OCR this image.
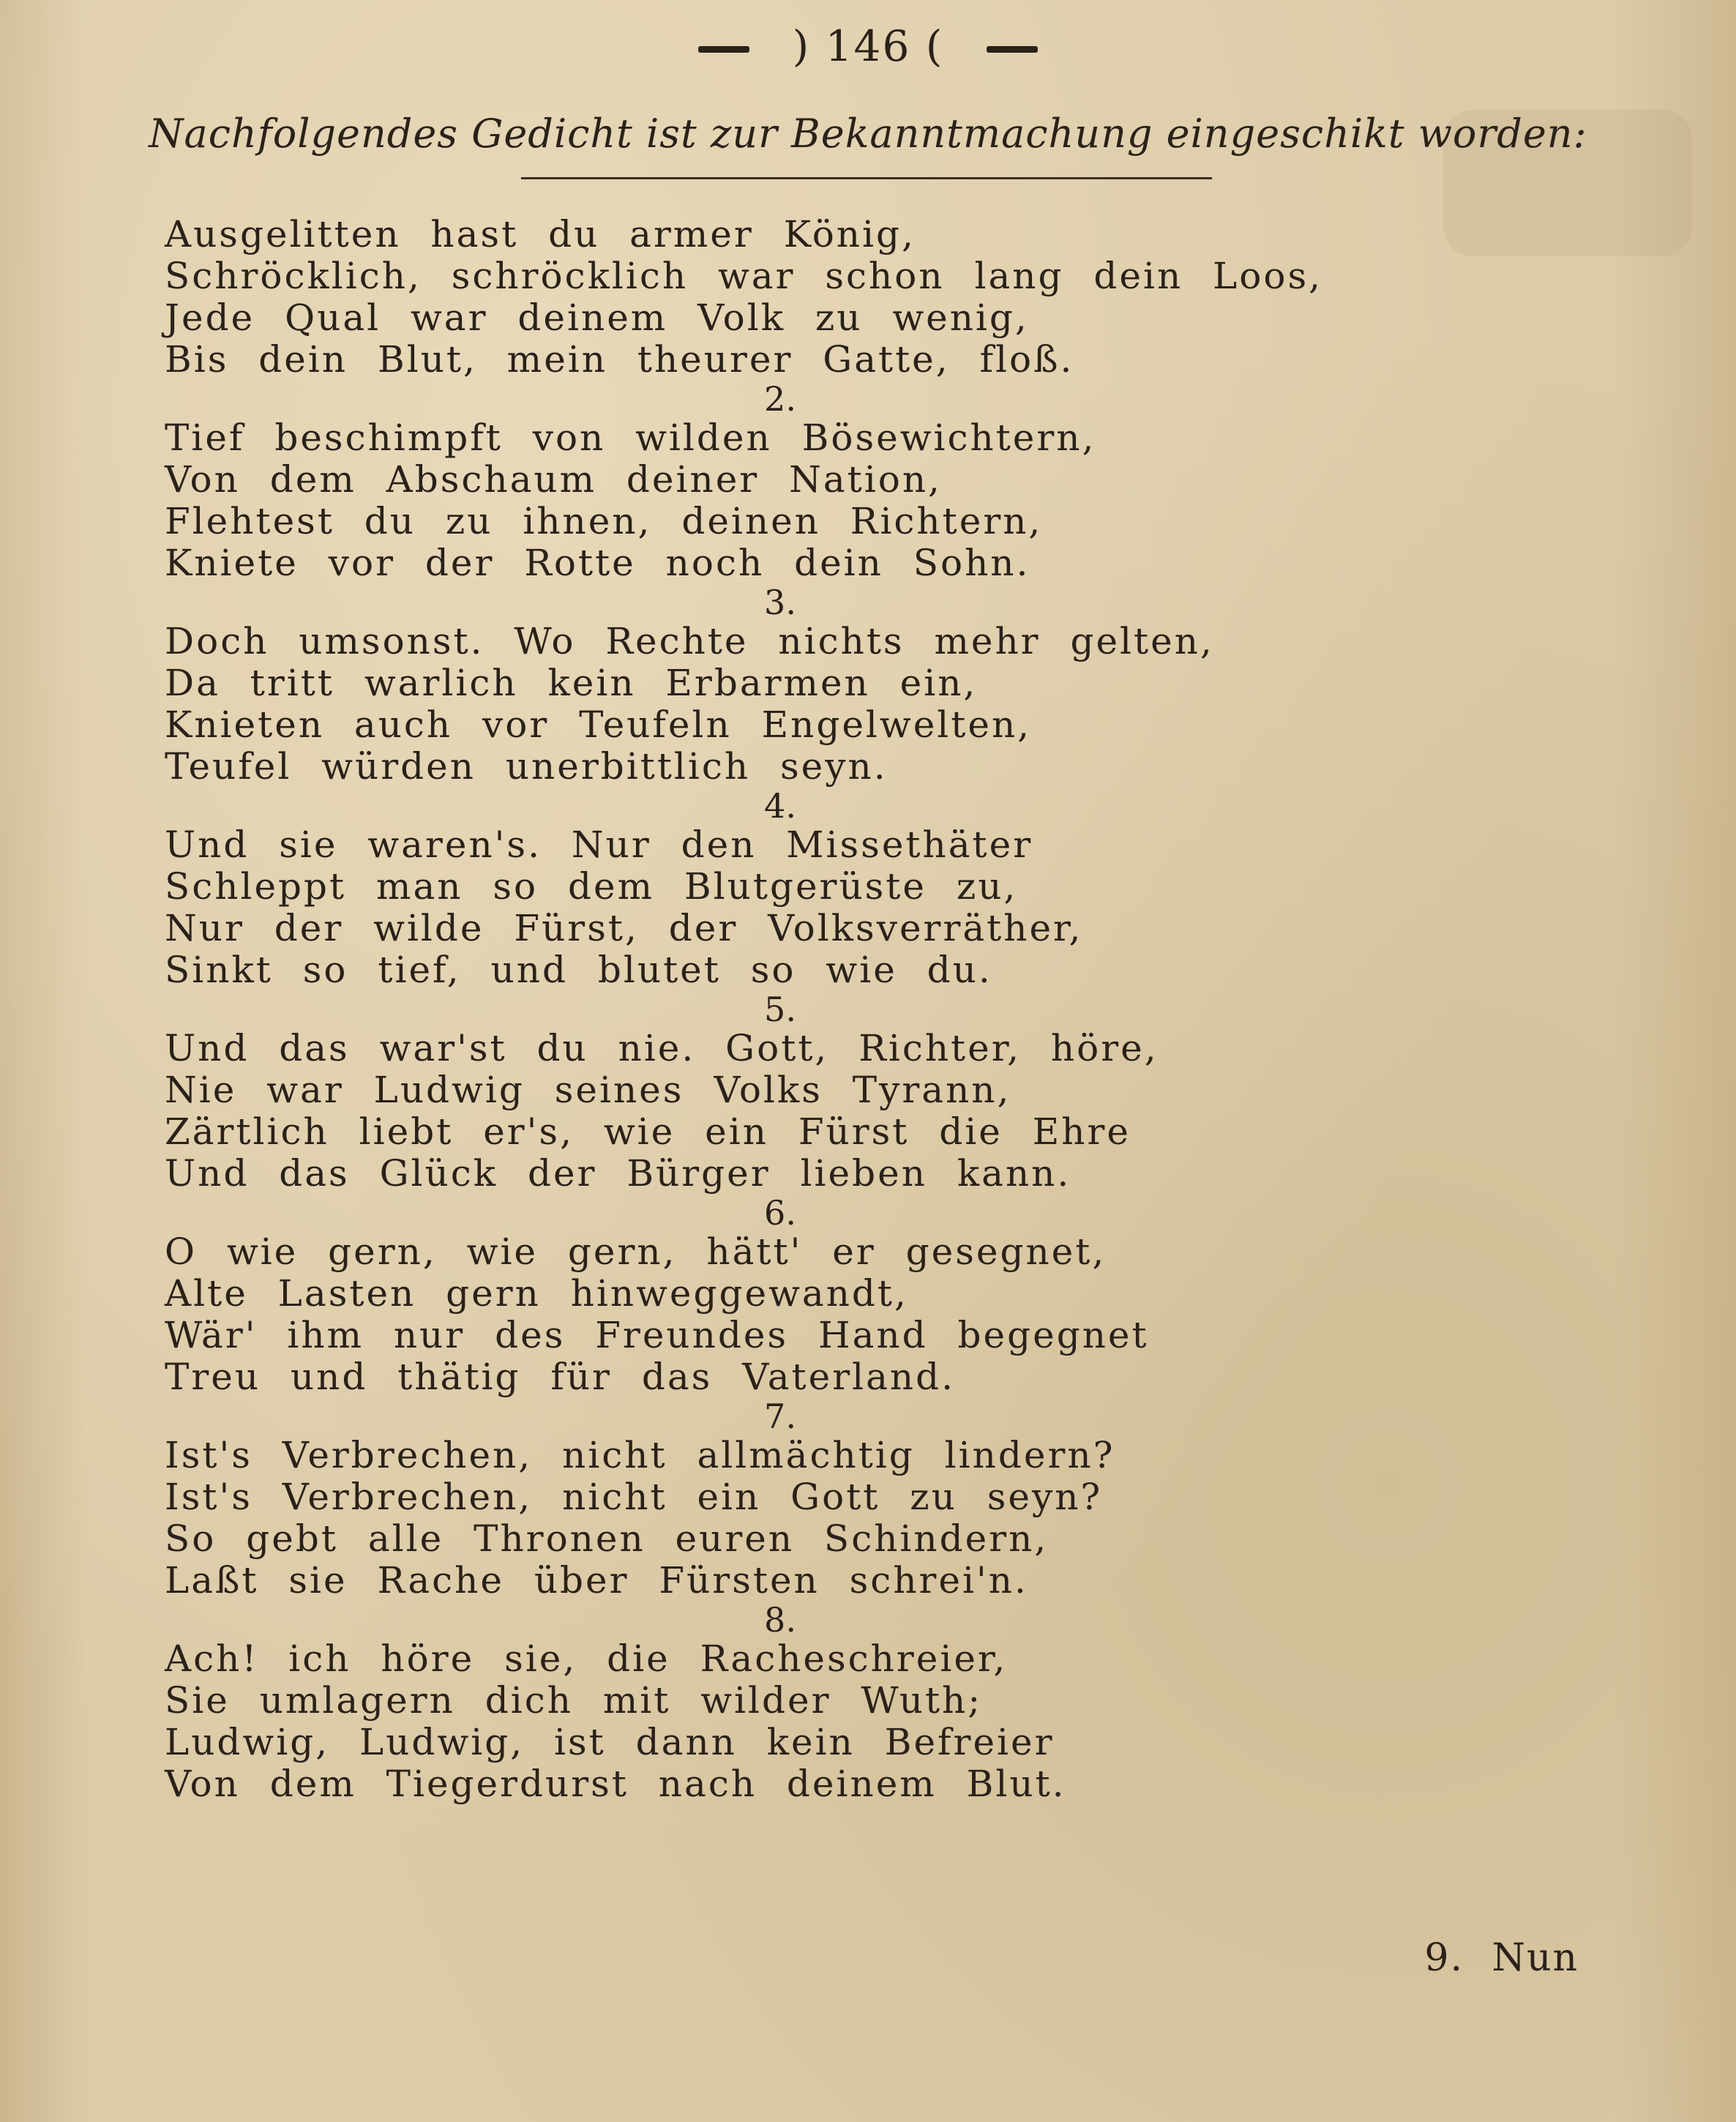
) 146 (
Nachfolgendes Gedicht ist zur Bekanntmachung eingeschikt worden:
Ausgelitten hast du armer König,
Schröcklich, schröcklich war schon lang dein Loos,
Jede Qual war deinem Volk zu wenig,
Bis dein Blut, mein theurer Gatte, floß.
2.
Tief beschimpft von wilden Bösewichtern,
Von dem Abschaum deiner Nation,
Flehtest du zu ihnen, deinen Richtern,
Kniete vor der Rotte noch dein Sohn.
3.
Doch umsonst. Wo Rechte nichts mehr gelten,
Da tritt warlich kein Erbarmen ein,
Knieten auch vor Teufeln Engelwelten,
Teufel würden unerbittlich seyn.
4.
Und sie waren's. Nur den Missethäter
Schleppt man so dem Blutgerüste zu,
Nur der wilde Fürst, der Volksverräther,
Sinkt so tief, und blutet so wie du.
5.
Und das war'st du nie. Gott, Richter, höre,
Nie war Ludwig seines Volks Tyrann,
Zärtlich liebt er's, wie ein Fürst die Ehre
Und das Glück der Bürger lieben kann.
6.
O wie gern, wie gern, hätt' er gesegnet,
Alte Lasten gern hinweggewandt,
Wär' ihm nur des Freundes Hand begegnet
Treu und thätig für das Vaterland.
7.
Ist's Verbrechen, nicht allmächtig lindern?
Ist's Verbrechen, nicht ein Gott zu seyn?
So gebt alle Thronen euren Schindern,
Laßt sie Rache über Fürsten schrei'n.
8.
Ach! ich höre sie, die Racheschreier,
Sie umlagern dich mit wilder Wuth;
Ludwig, Ludwig, ist dann kein Befreier
Von dem Tiegerdurst nach deinem Blut.
9. Nun
